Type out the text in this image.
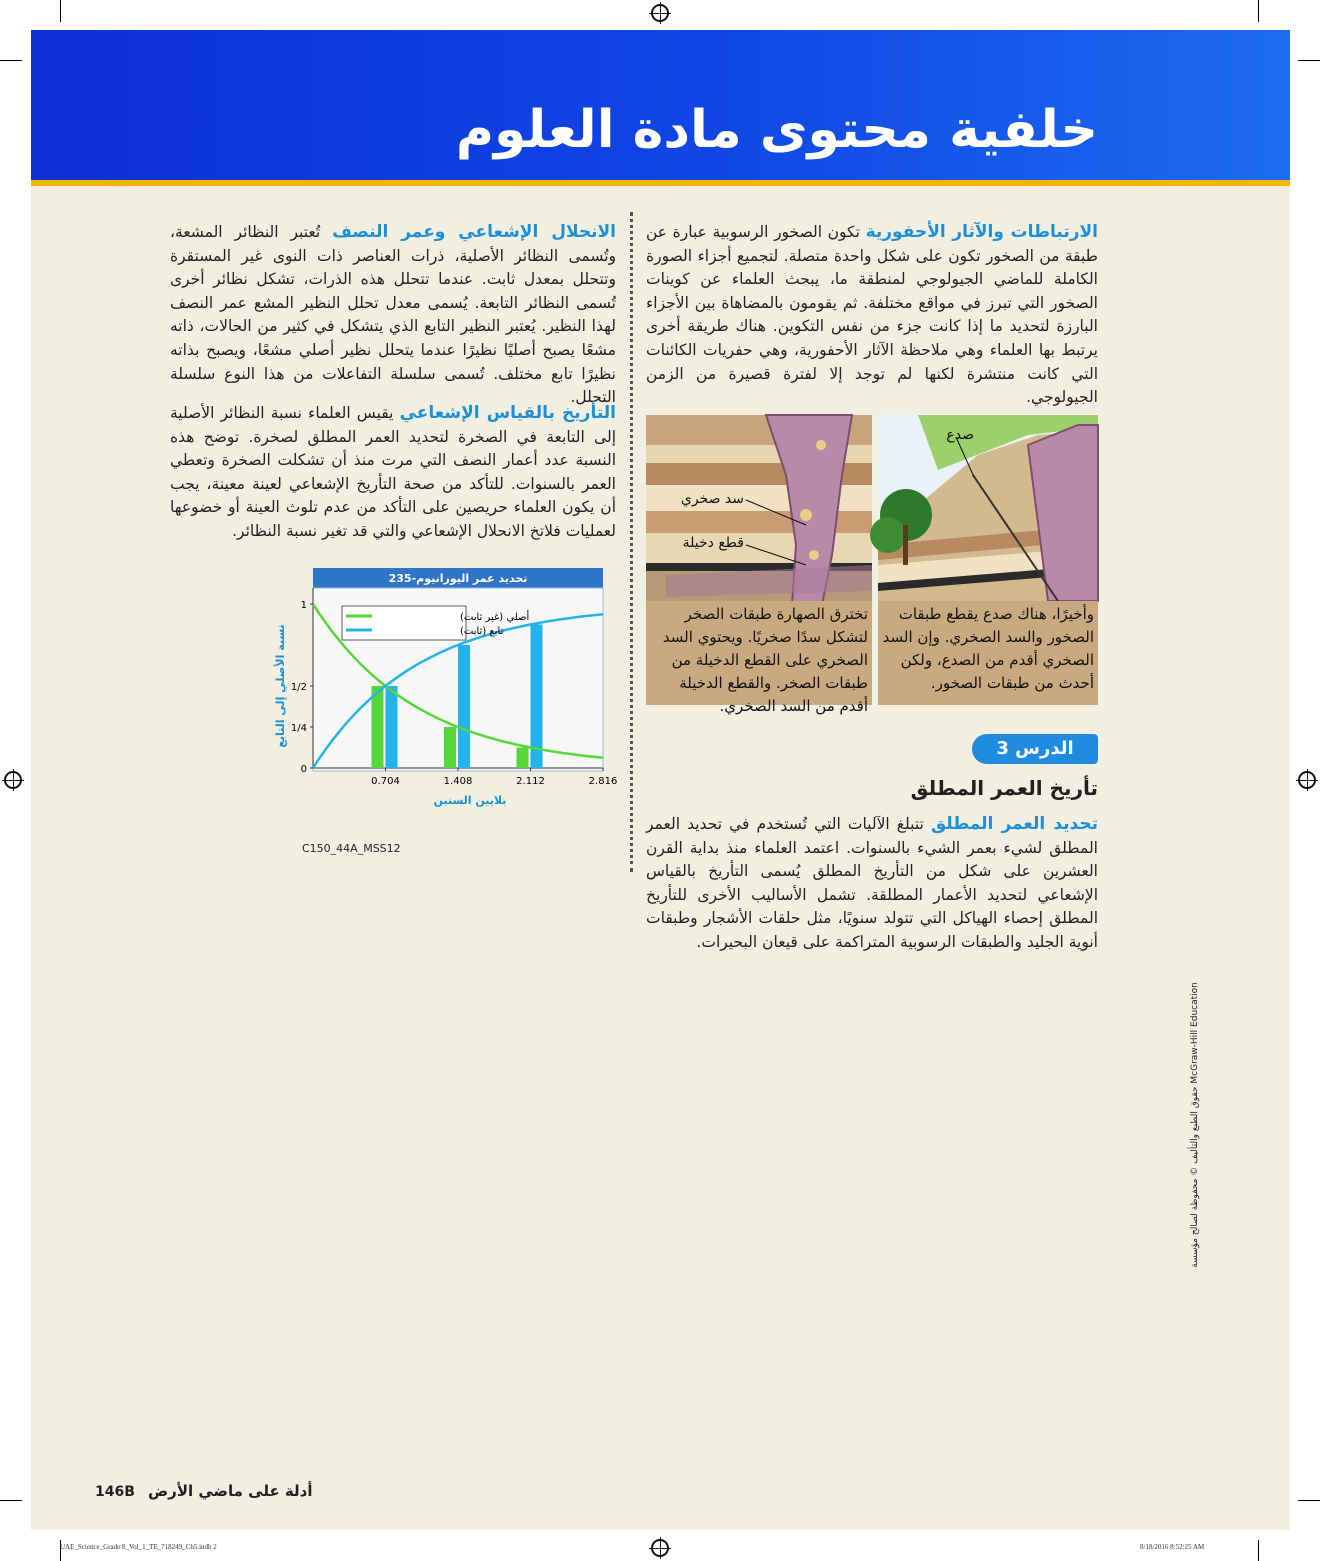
خلفية محتوى مادة العلوم

الارتباطات والآثار الأحفورية تكون الصخور الرسوبية عبارة عن طبقة من الصخور تكون على شكل واحدة متصلة. لتجميع أجزاء الصورة الكاملة للماضي الجيولوجي لمنطقة ما، يبحث العلماء عن كوينات الصخور التي تبرز في مواقع مختلفة. ثم يقومون بالمضاهاة بين الأجزاء البارزة لتحديد ما إذا كانت جزء من نفس التكوين. هناك طريقة أخرى يرتبط بها العلماء وهي ملاحظة الآثار الأحفورية، وهي حفريات الكائنات التي كانت منتشرة لكنها لم توجد إلا لفترة قصيرة من الزمن الجيولوجي.

سد صخري
قطع دخيلة

تخترق الصهارة طبقات الصخر لتشكل سدًا صخريًا. ويحتوي السد الصخري على القطع الدخيلة من طبقات الصخر. والقطع الدخيلة أقدم من السد الصخري.

صدع

وأخيرًا، هناك صدع يقطع طبقات الصخور والسد الصخري. وإن السد الصخري أقدم من الصدع، ولكن أحدث من طبقات الصخور.

الدرس 3
تأريخ العمر المطلق

تحديد العمر المطلق تتبلغ الآليات التي تُستخدم في تحديد العمر المطلق لشيء بعمر الشيء بالسنوات. اعتمد العلماء منذ بداية القرن العشرين على شكل من التأريخ المطلق يُسمى التأريخ بالقياس الإشعاعي لتحديد الأعمار المطلقة. تشمل الأساليب الأخرى للتأريخ المطلق إحصاء الهياكل التي تتولد سنويًا، مثل حلقات الأشجار وطبقات أنوية الجليد والطبقات الرسوبية المتراكمة على قيعان البحيرات.

الانحلال الإشعاعي وعمر النصف تُعتبر النظائر المشعة، وتُسمى النظائر الأصلية، ذرات العناصر ذات النوى غير المستقرة وتتحلل بمعدل ثابت. عندما تتحلل هذه الذرات، تشكل نظائر أخرى تُسمى النظائر التابعة. يُسمى معدل تحلل النظير المشع عمر النصف لهذا النظير. يُعتبر النظير التابع الذي يتشكل في كثير من الحالات، ذاته مشعًا يصبح أصليًا نظيرًا عندما يتحلل نظير أصلي مشعًا، ويصبح بذاته نظيرًا تابع مختلف. تُسمى سلسلة التفاعلات من هذا النوع سلسلة التحلل.

التأريخ بالقياس الإشعاعي يقيس العلماء نسبة النظائر الأصلية إلى التابعة في الصخرة لتحديد العمر المطلق لصخرة. توضح هذه النسبة عدد أعمار النصف التي مرت منذ أن تشكلت الصخرة وتعطي العمر بالسنوات. للتأكد من صحة التأريخ الإشعاعي لعينة معينة، يجب أن يكون العلماء حريصين على التأكد من عدم تلوث العينة أو خضوعها لعمليات فلاتخ الانحلال الإشعاعي والتي قد تغير نسبة النظائر.

تحديد عمر اليورانيوم-235
0
1/4
1/2
1
0.704	1.408	2.112	2.816
أصلي (غير ثابت)
تابع (ثابت)
بلايين السنين
نسبة الأصلي إلى التابع
C150_44A_MSS12
حقوق الطبع والتأليف © محفوظة لصالح مؤسسة McGraw-Hill Education
146B أدلة على ماضي الأرض
UAE_Science_Grade 8_Vol_1_TE_718249_Ch5.indb 2	8/18/2016 8:52:25 AM
